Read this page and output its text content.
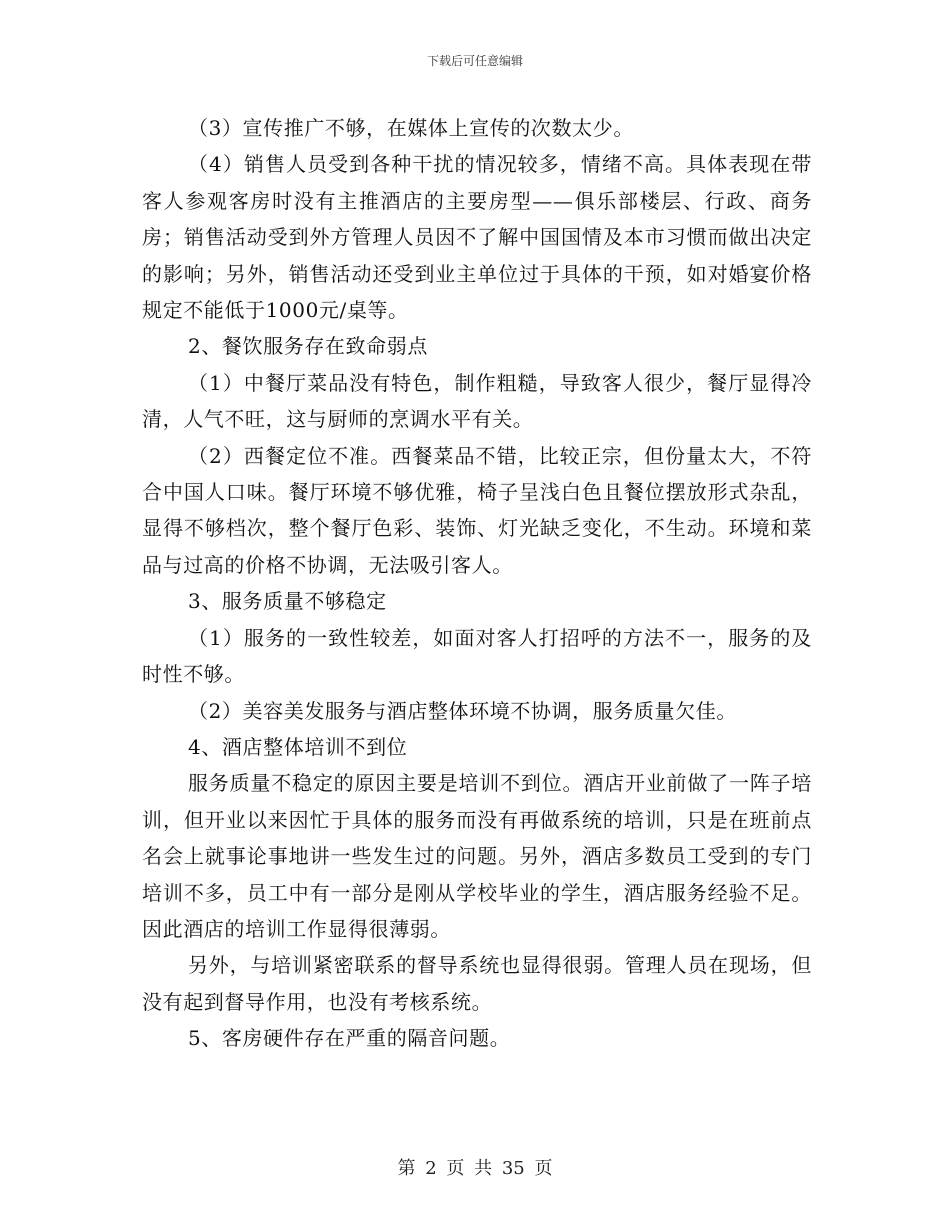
下载后可任意编辑

（3）宣传推广不够，在媒体上宣传的次数太少。

（4）销售人员受到各种干扰的情况较多，情绪不高。具体表现在带客人参观客房时没有主推酒店的主要房型——俱乐部楼层、行政、商务房；销售活动受到外方管理人员因不了解中国国情及本市习惯而做出决定的影响；另外，销售活动还受到业主单位过于具体的干预，如对婚宴价格规定不能低于1000元/桌等。

2、餐饮服务存在致命弱点

（1）中餐厅菜品没有特色，制作粗糙，导致客人很少，餐厅显得冷清，人气不旺，这与厨师的烹调水平有关。

（2）西餐定位不准。西餐菜品不错，比较正宗，但份量太大，不符合中国人口味。餐厅环境不够优雅，椅子呈浅白色且餐位摆放形式杂乱，显得不够档次，整个餐厅色彩、装饰、灯光缺乏变化，不生动。环境和菜品与过高的价格不协调，无法吸引客人。

3、服务质量不够稳定

（1）服务的一致性较差，如面对客人打招呼的方法不一，服务的及时性不够。

（2）美容美发服务与酒店整体环境不协调，服务质量欠佳。

4、酒店整体培训不到位

服务质量不稳定的原因主要是培训不到位。酒店开业前做了一阵子培训，但开业以来因忙于具体的服务而没有再做系统的培训，只是在班前点名会上就事论事地讲一些发生过的问题。另外，酒店多数员工受到的专门培训不多，员工中有一部分是刚从学校毕业的学生，酒店服务经验不足。因此酒店的培训工作显得很薄弱。

另外，与培训紧密联系的督导系统也显得很弱。管理人员在现场，但没有起到督导作用，也没有考核系统。

5、客房硬件存在严重的隔音问题。

第 2 页 共 35 页
